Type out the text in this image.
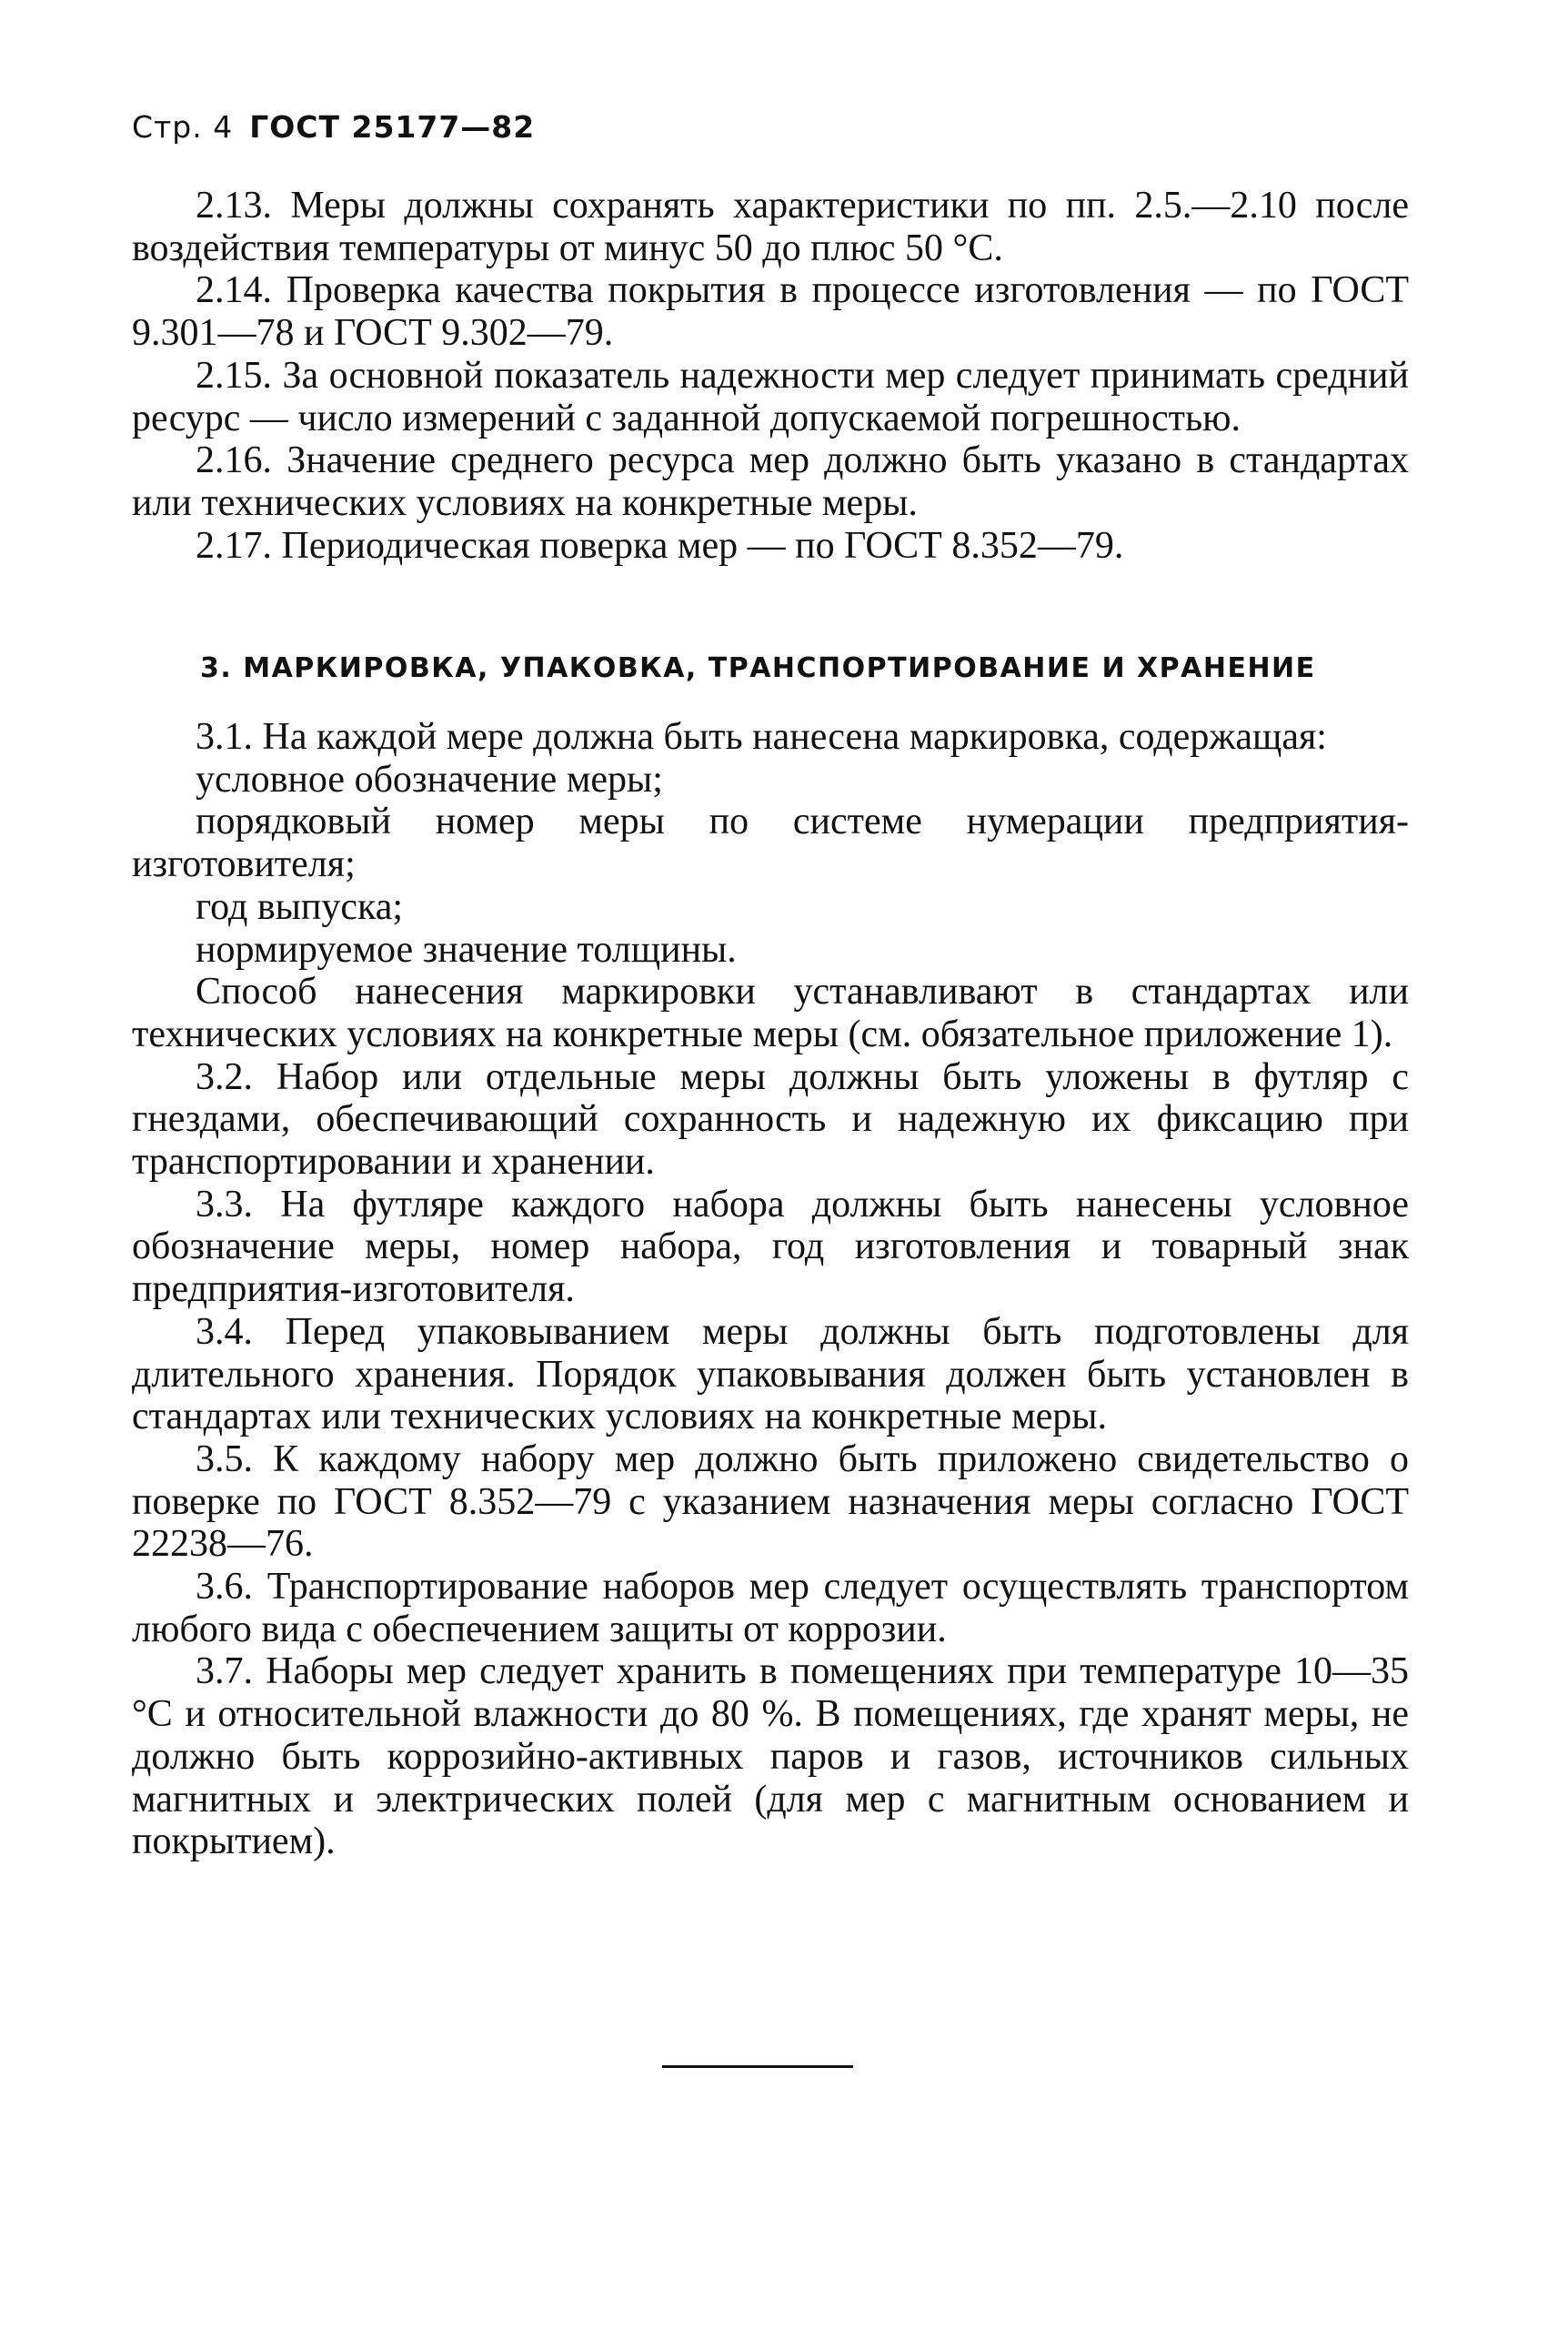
Стр. 4 ГОСТ 25177—82

2.13. Меры должны сохранять характеристики по пп. 2.5.—2.10 после воздействия температуры от минус 50 до плюс 50 °С.

2.14. Проверка качества покрытия в процессе изготовления — по ГОСТ 9.301—78 и ГОСТ 9.302—79.

2.15. За основной показатель надежности мер следует принимать средний ресурс — число измерений с заданной допускаемой погрешностью.

2.16. Значение среднего ресурса мер должно быть указано в стандартах или технических условиях на конкретные меры.

2.17. Периодическая поверка мер — по ГОСТ 8.352—79.

3. МАРКИРОВКА, УПАКОВКА, ТРАНСПОРТИРОВАНИЕ И ХРАНЕНИЕ

3.1. На каждой мере должна быть нанесена маркировка, содержащая:

условное обозначение меры;

порядковый номер меры по системе нумерации предприятия-изготовителя;

год выпуска;

нормируемое значение толщины.

Способ нанесения маркировки устанавливают в стандартах или технических условиях на конкретные меры (см. обязательное приложение 1).

3.2. Набор или отдельные меры должны быть уложены в футляр с гнездами, обеспечивающий сохранность и надежную их фиксацию при транспортировании и хранении.

3.3. На футляре каждого набора должны быть нанесены условное обозначение меры, номер набора, год изготовления и товарный знак предприятия-изготовителя.

3.4. Перед упаковыванием меры должны быть подготовлены для длительного хранения. Порядок упаковывания должен быть установлен в стандартах или технических условиях на конкретные меры.

3.5. К каждому набору мер должно быть приложено свидетельство о поверке по ГОСТ 8.352—79 с указанием назначения меры согласно ГОСТ 22238—76.

3.6. Транспортирование наборов мер следует осуществлять транспортом любого вида с обеспечением защиты от коррозии.

3.7. Наборы мер следует хранить в помещениях при температуре 10—35 °С и относительной влажности до 80 %. В помещениях, где хранят меры, не должно быть коррозийно-активных паров и газов, источников сильных магнитных и электрических полей (для мер с магнитным основанием и покрытием).
